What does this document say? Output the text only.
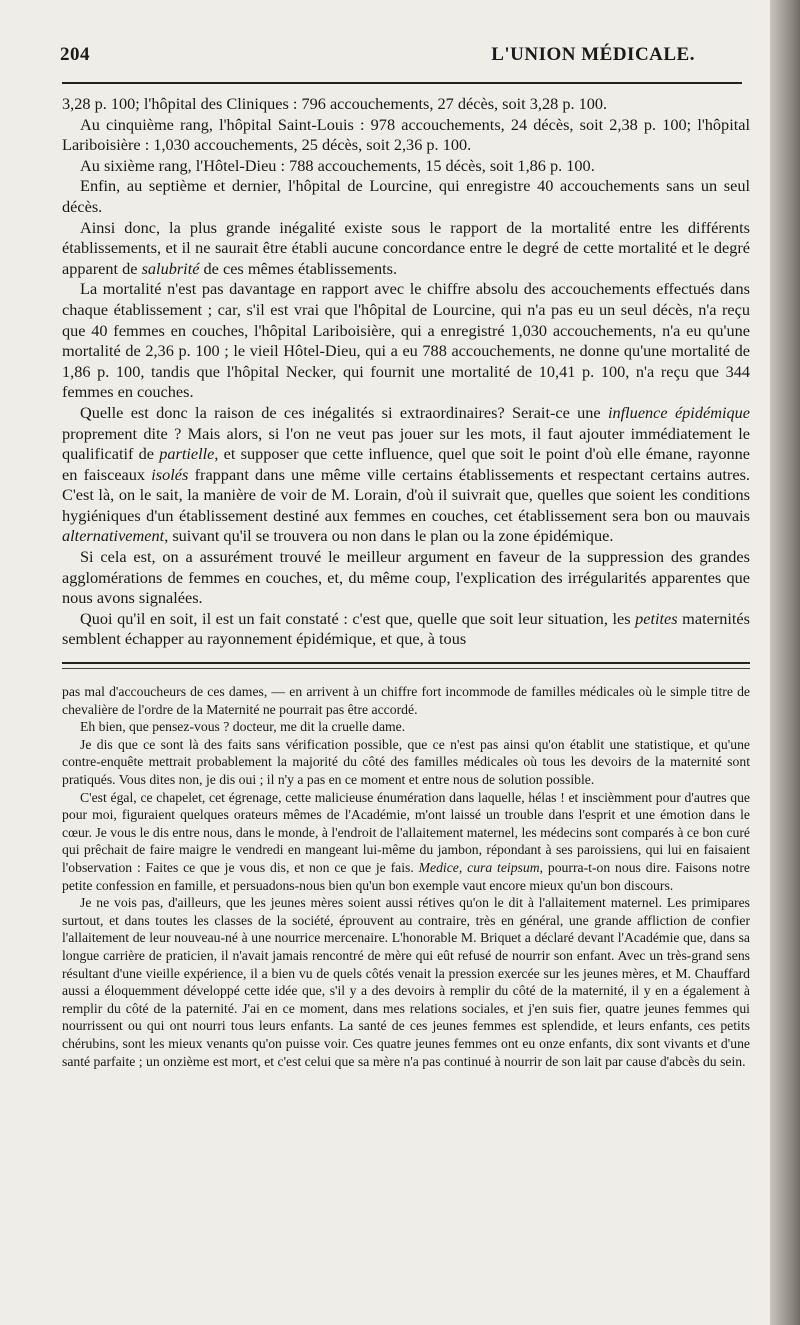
204	L'UNION MÉDICALE.

3,28 p. 100; l'hôpital des Cliniques : 796 accouchements, 27 décès, soit 3,28 p. 100.

Au cinquième rang, l'hôpital Saint-Louis : 978 accouchements, 24 décès, soit 2,38 p. 100; l'hôpital Lariboisière : 1,030 accouchements, 25 décès, soit 2,36 p. 100.

Au sixième rang, l'Hôtel-Dieu : 788 accouchements, 15 décès, soit 1,86 p. 100.

Enfin, au septième et dernier, l'hôpital de Lourcine, qui enregistre 40 accouchements sans un seul décès.

Ainsi donc, la plus grande inégalité existe sous le rapport de la mortalité entre les différents établissements, et il ne saurait être établi aucune concordance entre le degré de cette mortalité et le degré apparent de salubrité de ces mêmes établissements.

La mortalité n'est pas davantage en rapport avec le chiffre absolu des accouchements effectués dans chaque établissement ; car, s'il est vrai que l'hôpital de Lourcine, qui n'a pas eu un seul décès, n'a reçu que 40 femmes en couches, l'hôpital Lariboisière, qui a enregistré 1,030 accouchements, n'a eu qu'une mortalité de 2,36 p. 100 ; le vieil Hôtel-Dieu, qui a eu 788 accouchements, ne donne qu'une mortalité de 1,86 p. 100, tandis que l'hôpital Necker, qui fournit une mortalité de 10,41 p. 100, n'a reçu que 344 femmes en couches.

Quelle est donc la raison de ces inégalités si extraordinaires? Serait-ce une influence épidémique proprement dite ? Mais alors, si l'on ne veut pas jouer sur les mots, il faut ajouter immédiatement le qualificatif de partielle, et supposer que cette influence, quel que soit le point d'où elle émane, rayonne en faisceaux isolés frappant dans une même ville certains établissements et respectant certains autres. C'est là, on le sait, la manière de voir de M. Lorain, d'où il suivrait que, quelles que soient les conditions hygiéniques d'un établissement destiné aux femmes en couches, cet établissement sera bon ou mauvais alternativement, suivant qu'il se trouvera ou non dans le plan ou la zone épidémique.

Si cela est, on a assurément trouvé le meilleur argument en faveur de la suppression des grandes agglomérations de femmes en couches, et, du même coup, l'explication des irrégularités apparentes que nous avons signalées.

Quoi qu'il en soit, il est un fait constaté : c'est que, quelle que soit leur situation, les petites maternités semblent échapper au rayonnement épidémique, et que, à tous

pas mal d'accoucheurs de ces dames, — en arrivent à un chiffre fort incommode de familles médicales où le simple titre de chevalière de l'ordre de la Maternité ne pourrait pas être accordé.

Eh bien, que pensez-vous ? docteur, me dit la cruelle dame.

Je dis que ce sont là des faits sans vérification possible, que ce n'est pas ainsi qu'on établit une statistique, et qu'une contre-enquête mettrait probablement la majorité du côté des familles médicales où tous les devoirs de la maternité sont pratiqués. Vous dites non, je dis oui ; il n'y a pas en ce moment et entre nous de solution possible.

C'est égal, ce chapelet, cet égrenage, cette malicieuse énumération dans laquelle, hélas ! et inscièmment pour d'autres que pour moi, figuraient quelques orateurs mêmes de l'Académie, m'ont laissé un trouble dans l'esprit et une émotion dans le cœur. Je vous le dis entre nous, dans le monde, à l'endroit de l'allaitement maternel, les médecins sont comparés à ce bon curé qui prêchait de faire maigre le vendredi en mangeant lui-même du jambon, répondant à ses paroissiens, qui lui en faisaient l'observation : Faites ce que je vous dis, et non ce que je fais. Medice, cura teipsum, pourra-t-on nous dire. Faisons notre petite confession en famille, et persuadons-nous bien qu'un bon exemple vaut encore mieux qu'un bon discours.

Je ne vois pas, d'ailleurs, que les jeunes mères soient aussi rétives qu'on le dit à l'allaitement maternel. Les primipares surtout, et dans toutes les classes de la société, éprouvent au contraire, très en général, une grande affliction de confier l'allaitement de leur nouveau-né à une nourrice mercenaire. L'honorable M. Briquet a déclaré devant l'Académie que, dans sa longue carrière de praticien, il n'avait jamais rencontré de mère qui eût refusé de nourrir son enfant. Avec un très-grand sens résultant d'une vieille expérience, il a bien vu de quels côtés venait la pression exercée sur les jeunes mères, et M. Chauffard aussi a éloquemment développé cette idée que, s'il y a des devoirs à remplir du côté de la maternité, il y en a également à remplir du côté de la paternité. J'ai en ce moment, dans mes relations sociales, et j'en suis fier, quatre jeunes femmes qui nourrissent ou qui ont nourri tous leurs enfants. La santé de ces jeunes femmes est splendide, et leurs enfants, ces petits chérubins, sont les mieux venants qu'on puisse voir. Ces quatre jeunes femmes ont eu onze enfants, dix sont vivants et d'une santé parfaite ; un onzième est mort, et c'est celui que sa mère n'a pas continué à nourrir de son lait par cause d'abcès du sein.
